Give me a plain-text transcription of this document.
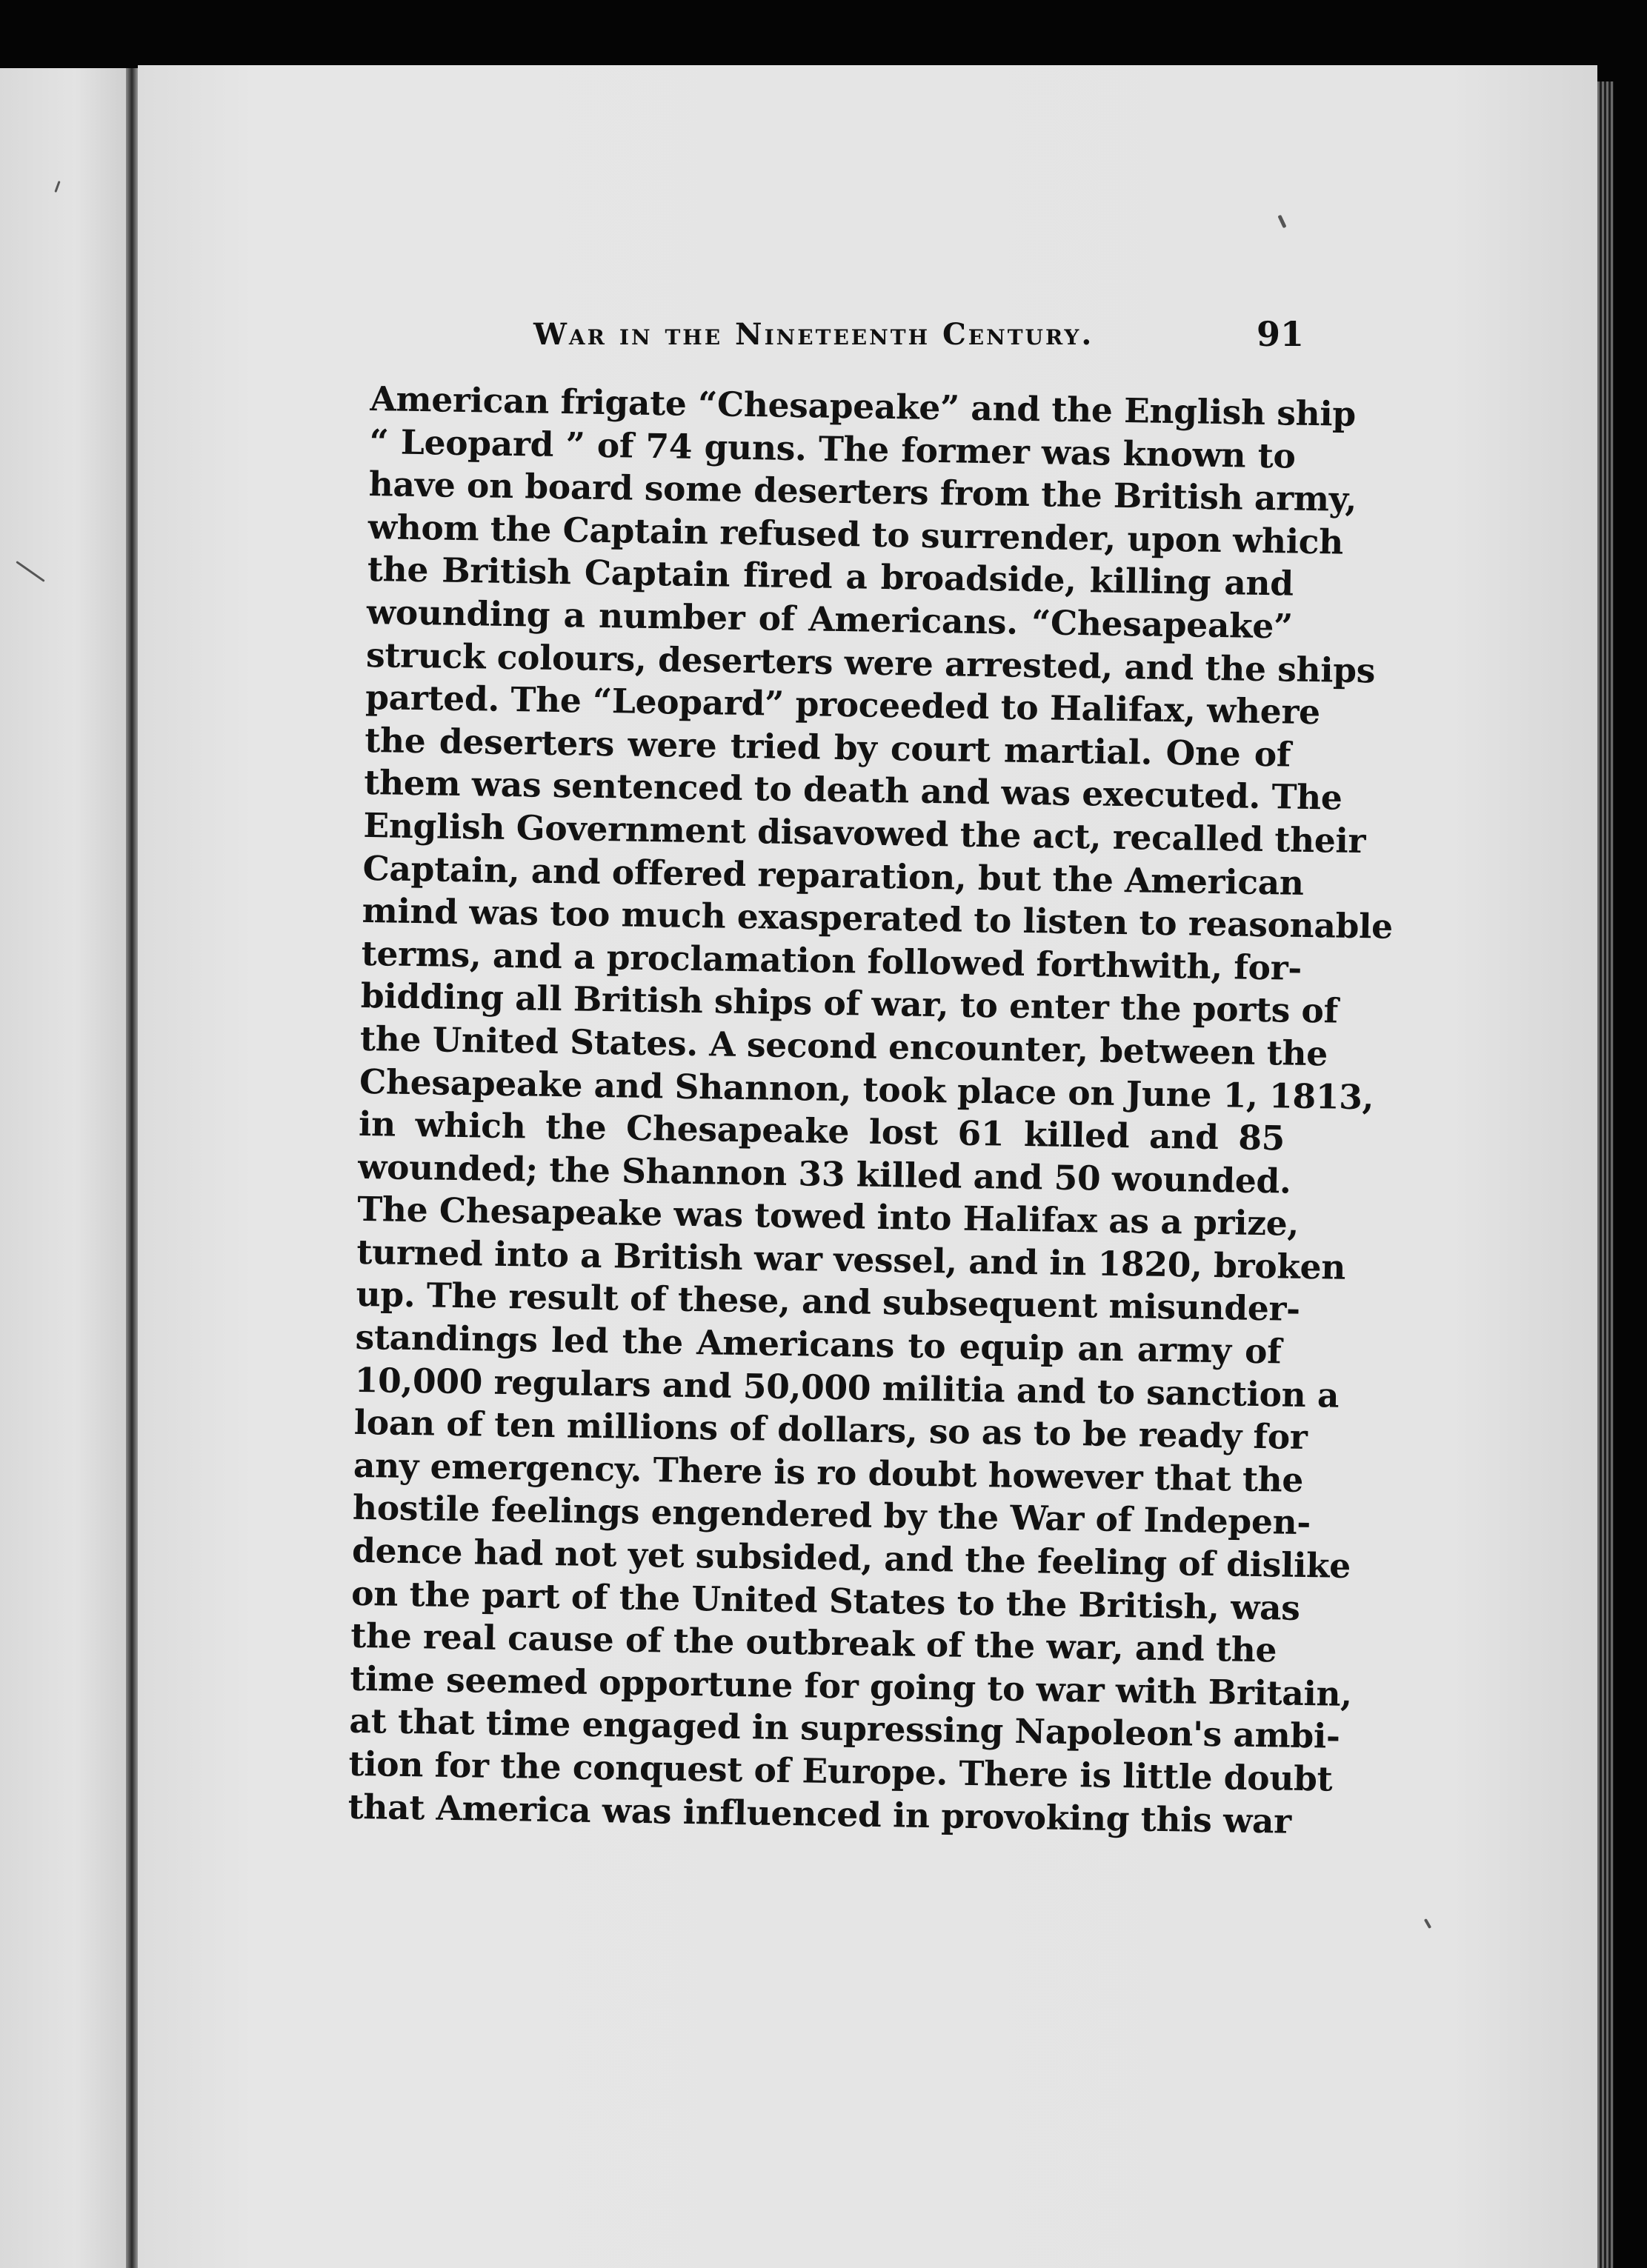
War in the Nineteenth Century.	91
American frigate “Chesapeake” and the English ship
“ Leopard ” of 74 guns. The former was known to
have on board some deserters from the British army,
whom the Captain refused to surrender, upon which
the British Captain fired a broadside, killing and
wounding a number of Americans. “Chesapeake”
struck colours, deserters were arrested, and the ships
parted. The “Leopard” proceeded to Halifax, where
the deserters were tried by court martial. One of
them was sentenced to death and was executed. The
English Government disavowed the act, recalled their
Captain, and offered reparation, but the American
mind was too much exasperated to listen to reasonable
terms, and a proclamation followed forthwith, for-
bidding all British ships of war, to enter the ports of
the United States. A second encounter, between the
Chesapeake and Shannon, took place on June 1, 1813,
in which the Chesapeake lost 61 killed and 85
wounded; the Shannon 33 killed and 50 wounded.
The Chesapeake was towed into Halifax as a prize,
turned into a British war vessel, and in 1820, broken
up. The result of these, and subsequent misunder-
standings led the Americans to equip an army of
10,000 regulars and 50,000 militia and to sanction a
loan of ten millions of dollars, so as to be ready for
any emergency. There is ro doubt however that the
hostile feelings engendered by the War of Indepen-
dence had not yet subsided, and the feeling of dislike
on the part of the United States to the British, was
the real cause of the outbreak of the war, and the
time seemed opportune for going to war with Britain,
at that time engaged in supressing Napoleon's ambi-
tion for the conquest of Europe. There is little doubt
that America was influenced in provoking this war
